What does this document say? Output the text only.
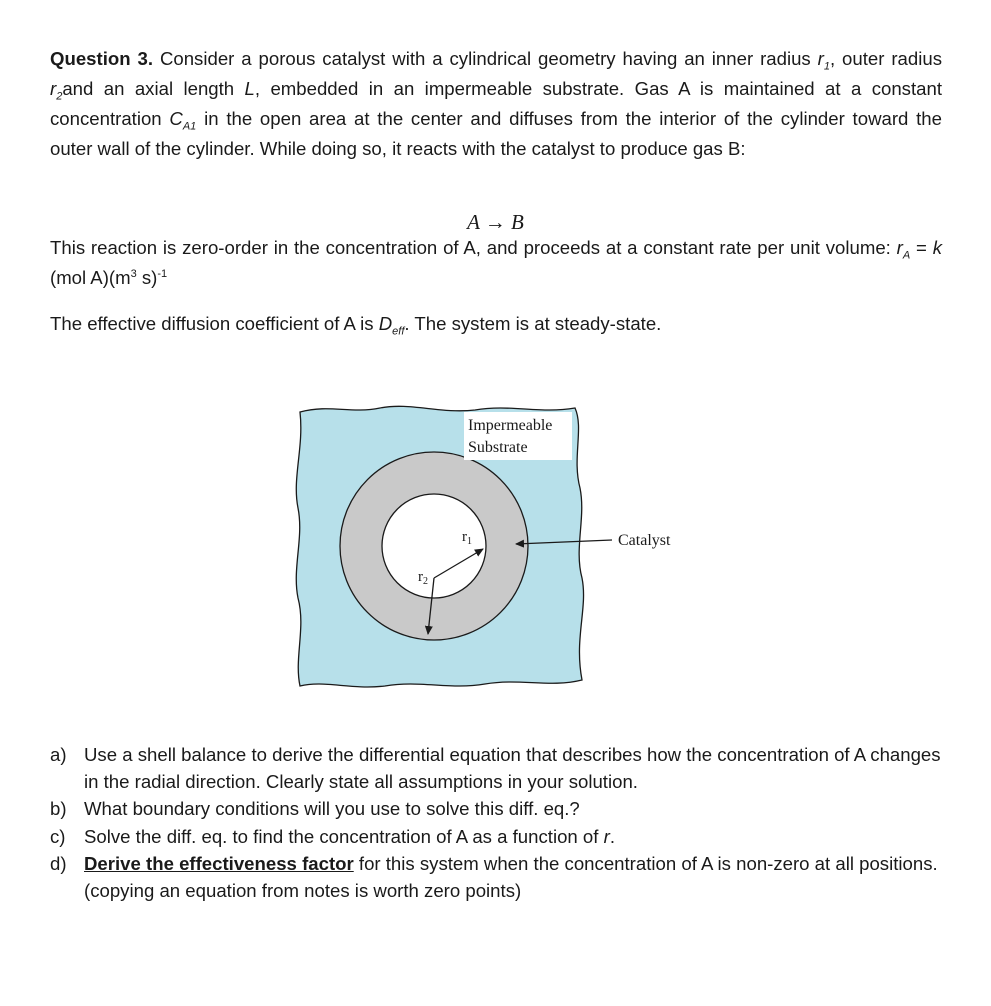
Question 3. Consider a porous catalyst with a cylindrical geometry having an inner radius $r_1$, outer radius $r_2and$ an axial length L, embedded in an impermeable substrate. Gas A is maintained at a constant concentration $C_{A1}$ in the open area at the center and diffuses from the interior of the cylinder toward the outer wall of the cylinder. While doing so, it reacts with the catalyst to produce gas B:

A → B

This reaction is zero-order in the concentration of A, and proceeds at a constant rate per unit volume: $r_A = k$ (mol $A)(m^3$ s)$^{-1}$

The effective diffusion coefficient of A is $D_{eff}$. The system is at steady-state.

Impermeable
Substrate
Catalyst
$r_1$
$r_2$
a) Use a shell balance to derive the differential equation that describes how the concentration of A changes in the radial direction. Clearly state all assumptions in your solution.
b) What boundary conditions will you use to solve this diff. eq.?
c) Solve the diff. eq. to find the concentration of A as a function of r.
d) Derive the effectiveness factor for this system when the concentration of A is non-zero at all positions. (copying an equation from notes is worth zero points)
